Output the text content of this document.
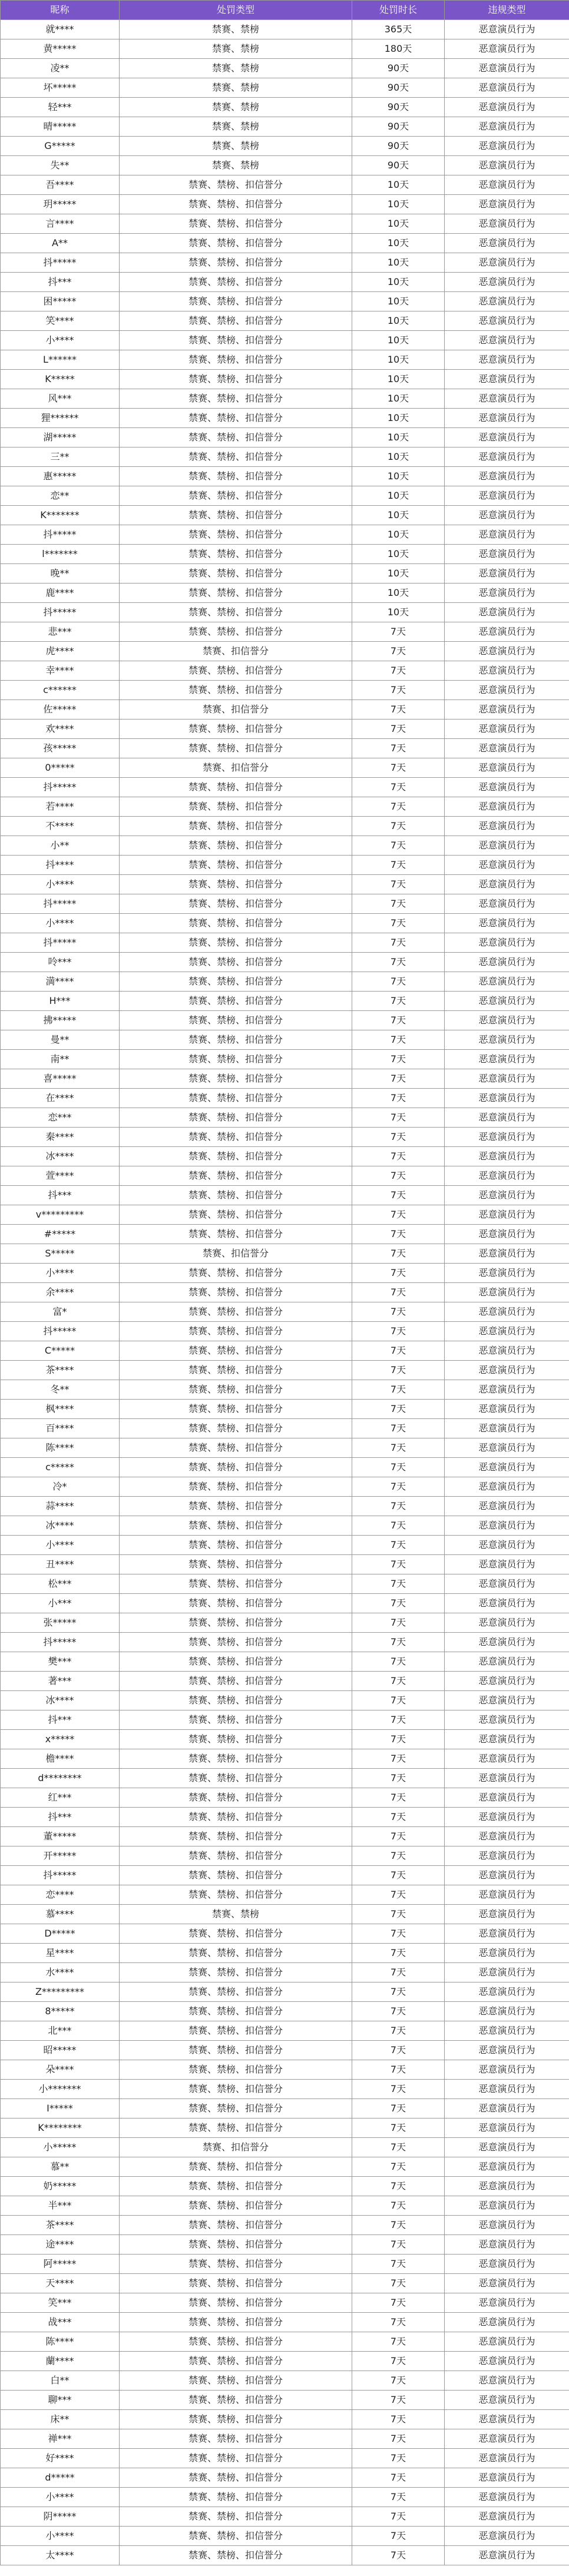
昵称	处罚类型	处罚时长	违规类型
就****	禁赛、禁榜	365天	恶意演员行为
黄*****	禁赛、禁榜	180天	恶意演员行为
凌**	禁赛、禁榜	90天	恶意演员行为
坏*****	禁赛、禁榜	90天	恶意演员行为
轻***	禁赛、禁榜	90天	恶意演员行为
晴*****	禁赛、禁榜	90天	恶意演员行为
G*****	禁赛、禁榜	90天	恶意演员行为
失**	禁赛、禁榜	90天	恶意演员行为
吾****	禁赛、禁榜、扣信誉分	10天	恶意演员行为
玥*****	禁赛、禁榜、扣信誉分	10天	恶意演员行为
言****	禁赛、禁榜、扣信誉分	10天	恶意演员行为
A**	禁赛、禁榜、扣信誉分	10天	恶意演员行为
抖*****	禁赛、禁榜、扣信誉分	10天	恶意演员行为
抖***	禁赛、禁榜、扣信誉分	10天	恶意演员行为
困*****	禁赛、禁榜、扣信誉分	10天	恶意演员行为
笑****	禁赛、禁榜、扣信誉分	10天	恶意演员行为
小****	禁赛、禁榜、扣信誉分	10天	恶意演员行为
L******	禁赛、禁榜、扣信誉分	10天	恶意演员行为
K*****	禁赛、禁榜、扣信誉分	10天	恶意演员行为
风***	禁赛、禁榜、扣信誉分	10天	恶意演员行为
狸******	禁赛、禁榜、扣信誉分	10天	恶意演员行为
湖*****	禁赛、禁榜、扣信誉分	10天	恶意演员行为
三**	禁赛、禁榜、扣信誉分	10天	恶意演员行为
惠*****	禁赛、禁榜、扣信誉分	10天	恶意演员行为
恋**	禁赛、禁榜、扣信誉分	10天	恶意演员行为
K*******	禁赛、禁榜、扣信誉分	10天	恶意演员行为
抖*****	禁赛、禁榜、扣信誉分	10天	恶意演员行为
l*******	禁赛、禁榜、扣信誉分	10天	恶意演员行为
晚**	禁赛、禁榜、扣信誉分	10天	恶意演员行为
鹿****	禁赛、禁榜、扣信誉分	10天	恶意演员行为
抖*****	禁赛、禁榜、扣信誉分	10天	恶意演员行为
悲***	禁赛、禁榜、扣信誉分	7天	恶意演员行为
虎****	禁赛、扣信誉分	7天	恶意演员行为
幸****	禁赛、禁榜、扣信誉分	7天	恶意演员行为
c******	禁赛、禁榜、扣信誉分	7天	恶意演员行为
佐*****	禁赛、扣信誉分	7天	恶意演员行为
欢****	禁赛、禁榜、扣信誉分	7天	恶意演员行为
孩*****	禁赛、禁榜、扣信誉分	7天	恶意演员行为
0*****	禁赛、扣信誉分	7天	恶意演员行为
抖*****	禁赛、禁榜、扣信誉分	7天	恶意演员行为
若****	禁赛、禁榜、扣信誉分	7天	恶意演员行为
不****	禁赛、禁榜、扣信誉分	7天	恶意演员行为
小**	禁赛、禁榜、扣信誉分	7天	恶意演员行为
抖****	禁赛、禁榜、扣信誉分	7天	恶意演员行为
小****	禁赛、禁榜、扣信誉分	7天	恶意演员行为
抖*****	禁赛、禁榜、扣信誉分	7天	恶意演员行为
小****	禁赛、禁榜、扣信誉分	7天	恶意演员行为
抖*****	禁赛、禁榜、扣信誉分	7天	恶意演员行为
呤***	禁赛、禁榜、扣信誉分	7天	恶意演员行为
満****	禁赛、禁榜、扣信誉分	7天	恶意演员行为
H***	禁赛、禁榜、扣信誉分	7天	恶意演员行为
拂*****	禁赛、禁榜、扣信誉分	7天	恶意演员行为
曼**	禁赛、禁榜、扣信誉分	7天	恶意演员行为
南**	禁赛、禁榜、扣信誉分	7天	恶意演员行为
喜*****	禁赛、禁榜、扣信誉分	7天	恶意演员行为
在****	禁赛、禁榜、扣信誉分	7天	恶意演员行为
恋***	禁赛、禁榜、扣信誉分	7天	恶意演员行为
秦****	禁赛、禁榜、扣信誉分	7天	恶意演员行为
冰****	禁赛、禁榜、扣信誉分	7天	恶意演员行为
萱****	禁赛、禁榜、扣信誉分	7天	恶意演员行为
抖***	禁赛、禁榜、扣信誉分	7天	恶意演员行为
v*********	禁赛、禁榜、扣信誉分	7天	恶意演员行为
#*****	禁赛、禁榜、扣信誉分	7天	恶意演员行为
S*****	禁赛、扣信誉分	7天	恶意演员行为
小****	禁赛、禁榜、扣信誉分	7天	恶意演员行为
余****	禁赛、禁榜、扣信誉分	7天	恶意演员行为
富*	禁赛、禁榜、扣信誉分	7天	恶意演员行为
抖*****	禁赛、禁榜、扣信誉分	7天	恶意演员行为
C*****	禁赛、禁榜、扣信誉分	7天	恶意演员行为
茶****	禁赛、禁榜、扣信誉分	7天	恶意演员行为
冬**	禁赛、禁榜、扣信誉分	7天	恶意演员行为
枫****	禁赛、禁榜、扣信誉分	7天	恶意演员行为
百****	禁赛、禁榜、扣信誉分	7天	恶意演员行为
陈****	禁赛、禁榜、扣信誉分	7天	恶意演员行为
c*****	禁赛、禁榜、扣信誉分	7天	恶意演员行为
冷*	禁赛、禁榜、扣信誉分	7天	恶意演员行为
蒜****	禁赛、禁榜、扣信誉分	7天	恶意演员行为
冰****	禁赛、禁榜、扣信誉分	7天	恶意演员行为
小****	禁赛、禁榜、扣信誉分	7天	恶意演员行为
丑****	禁赛、禁榜、扣信誉分	7天	恶意演员行为
松***	禁赛、禁榜、扣信誉分	7天	恶意演员行为
小***	禁赛、禁榜、扣信誉分	7天	恶意演员行为
张*****	禁赛、禁榜、扣信誉分	7天	恶意演员行为
抖*****	禁赛、禁榜、扣信誉分	7天	恶意演员行为
樊***	禁赛、禁榜、扣信誉分	7天	恶意演员行为
著***	禁赛、禁榜、扣信誉分	7天	恶意演员行为
冰****	禁赛、禁榜、扣信誉分	7天	恶意演员行为
抖***	禁赛、禁榜、扣信誉分	7天	恶意演员行为
x*****	禁赛、禁榜、扣信誉分	7天	恶意演员行为
檐****	禁赛、禁榜、扣信誉分	7天	恶意演员行为
d********	禁赛、禁榜、扣信誉分	7天	恶意演员行为
红***	禁赛、禁榜、扣信誉分	7天	恶意演员行为
抖***	禁赛、禁榜、扣信誉分	7天	恶意演员行为
董*****	禁赛、禁榜、扣信誉分	7天	恶意演员行为
开*****	禁赛、禁榜、扣信誉分	7天	恶意演员行为
抖*****	禁赛、禁榜、扣信誉分	7天	恶意演员行为
恋****	禁赛、禁榜、扣信誉分	7天	恶意演员行为
慕****	禁赛、禁榜	7天	恶意演员行为
D*****	禁赛、禁榜、扣信誉分	7天	恶意演员行为
星****	禁赛、禁榜、扣信誉分	7天	恶意演员行为
水****	禁赛、禁榜、扣信誉分	7天	恶意演员行为
Z*********	禁赛、禁榜、扣信誉分	7天	恶意演员行为
8*****	禁赛、禁榜、扣信誉分	7天	恶意演员行为
北***	禁赛、禁榜、扣信誉分	7天	恶意演员行为
昭*****	禁赛、禁榜、扣信誉分	7天	恶意演员行为
朵****	禁赛、禁榜、扣信誉分	7天	恶意演员行为
小*******	禁赛、禁榜、扣信誉分	7天	恶意演员行为
I*****	禁赛、禁榜、扣信誉分	7天	恶意演员行为
K********	禁赛、禁榜、扣信誉分	7天	恶意演员行为
小*****	禁赛、扣信誉分	7天	恶意演员行为
慕**	禁赛、禁榜、扣信誉分	7天	恶意演员行为
奶*****	禁赛、禁榜、扣信誉分	7天	恶意演员行为
半***	禁赛、禁榜、扣信誉分	7天	恶意演员行为
茶****	禁赛、禁榜、扣信誉分	7天	恶意演员行为
途****	禁赛、禁榜、扣信誉分	7天	恶意演员行为
阿*****	禁赛、禁榜、扣信誉分	7天	恶意演员行为
天****	禁赛、禁榜、扣信誉分	7天	恶意演员行为
笑***	禁赛、禁榜、扣信誉分	7天	恶意演员行为
战***	禁赛、禁榜、扣信誉分	7天	恶意演员行为
陈****	禁赛、禁榜、扣信誉分	7天	恶意演员行为
蘭****	禁赛、禁榜、扣信誉分	7天	恶意演员行为
白**	禁赛、禁榜、扣信誉分	7天	恶意演员行为
聊***	禁赛、禁榜、扣信誉分	7天	恶意演员行为
床**	禁赛、禁榜、扣信誉分	7天	恶意演员行为
禅***	禁赛、禁榜、扣信誉分	7天	恶意演员行为
好****	禁赛、禁榜、扣信誉分	7天	恶意演员行为
d*****	禁赛、禁榜、扣信誉分	7天	恶意演员行为
小****	禁赛、禁榜、扣信誉分	7天	恶意演员行为
阴*****	禁赛、禁榜、扣信誉分	7天	恶意演员行为
小****	禁赛、禁榜、扣信誉分	7天	恶意演员行为
太****	禁赛、禁榜、扣信誉分	7天	恶意演员行为
